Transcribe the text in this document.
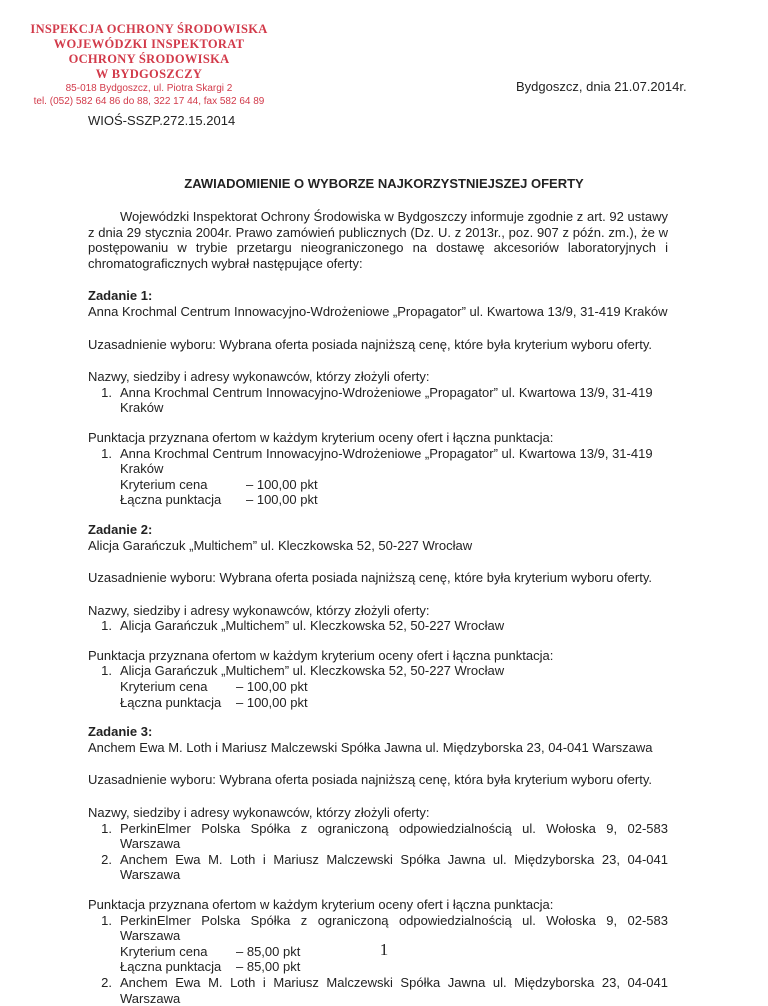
INSPEKCJA OCHRONY ŚRODOWISKA
WOJEWÓDZKI INSPEKTORAT
OCHRONY ŚRODOWISKA
W BYDGOSZCZY
85-018 Bydgoszcz, ul. Piotra Skargi 2
tel. (052) 582 64 86 do 88, 322 17 44, fax 582 64 89
Bydgoszcz, dnia 21.07.2014r.
WIOŚ-SSZP.272.15.2014
ZAWIADOMIENIE O WYBORZE NAJKORZYSTNIEJSZEJ OFERTY

Wojewódzki Inspektorat Ochrony Środowiska w Bydgoszczy informuje zgodnie z art. 92 ustawy z dnia 29 stycznia 2004r. Prawo zamówień publicznych (Dz. U. z 2013r., poz. 907 z późn. zm.), że w postępowaniu w trybie przetargu nieograniczonego na dostawę akcesoriów laboratoryjnych i chromatograficznych wybrał następujące oferty:

Zadanie 1:

Anna Krochmal Centrum Innowacyjno-Wdrożeniowe „Propagator” ul. Kwartowa 13/9, 31-419 Kraków

Uzasadnienie wyboru: Wybrana oferta posiada najniższą cenę, które była kryterium wyboru oferty.

Nazwy, siedziby i adresy wykonawców, którzy złożyli oferty:
1. Anna Krochmal Centrum Innowacyjno-Wdrożeniowe „Propagator” ul. Kwartowa 13/9, 31-419 Kraków
Punktacja przyznana ofertom w każdym kryterium oceny ofert i łączna punktacja:
1. Anna Krochmal Centrum Innowacyjno-Wdrożeniowe „Propagator” ul. Kwartowa 13/9, 31-419 Kraków
Kryterium cena	– 100,00 pkt
Łączna punktacja	– 100,00 pkt
Zadanie 2:

Alicja Garańczuk „Multichem” ul. Kleczkowska 52, 50-227 Wrocław

Uzasadnienie wyboru: Wybrana oferta posiada najniższą cenę, które była kryterium wyboru oferty.

Nazwy, siedziby i adresy wykonawców, którzy złożyli oferty:
1. Alicja Garańczuk „Multichem” ul. Kleczkowska 52, 50-227 Wrocław
Punktacja przyznana ofertom w każdym kryterium oceny ofert i łączna punktacja:
1. Alicja Garańczuk „Multichem” ul. Kleczkowska 52, 50-227 Wrocław
Kryterium cena	– 100,00 pkt
Łączna punktacja	– 100,00 pkt
Zadanie 3:

Anchem Ewa M. Loth i Mariusz Malczewski Spółka Jawna ul. Międzyborska 23, 04-041 Warszawa

Uzasadnienie wyboru: Wybrana oferta posiada najniższą cenę, która była kryterium wyboru oferty.

Nazwy, siedziby i adresy wykonawców, którzy złożyli oferty:
1. PerkinElmer Polska Spółka z ograniczoną odpowiedzialnością ul. Wołoska 9, 02-583 Warszawa
2. Anchem Ewa M. Loth i Mariusz Malczewski Spółka Jawna ul. Międzyborska 23, 04-041 Warszawa
Punktacja przyznana ofertom w każdym kryterium oceny ofert i łączna punktacja:
1. PerkinElmer Polska Spółka z ograniczoną odpowiedzialnością ul. Wołoska 9, 02-583 Warszawa
Kryterium cena	– 85,00 pkt
Łączna punktacja	– 85,00 pkt
2. Anchem Ewa M. Loth i Mariusz Malczewski Spółka Jawna ul. Międzyborska 23, 04-041 Warszawa
1
